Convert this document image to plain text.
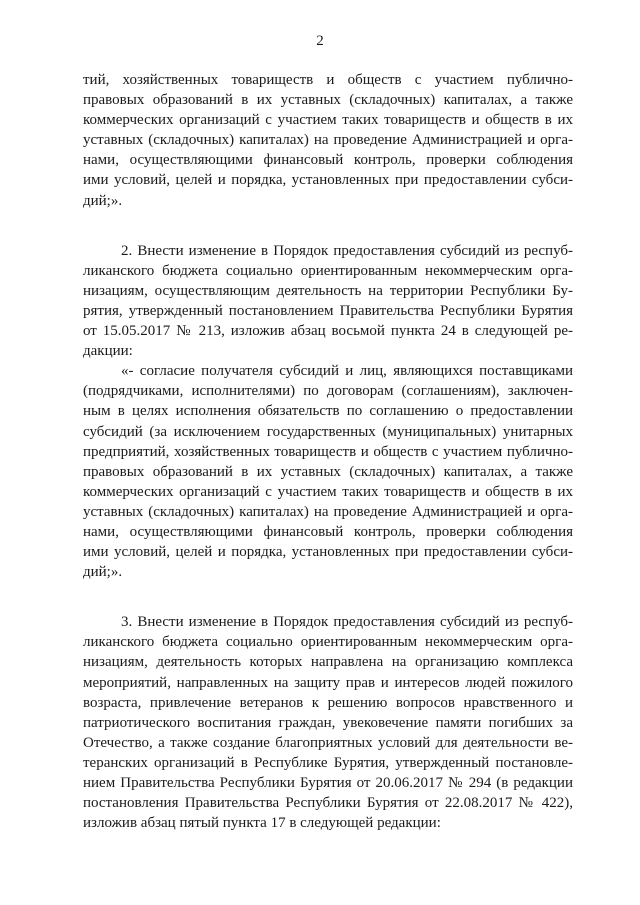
2
тий, хозяйственных товариществ и обществ с участием публично-
правовых образований в их уставных (складочных) капиталах, а также
коммерческих организаций с участием таких товариществ и обществ в их
уставных (складочных) капиталах) на проведение Администрацией и орга-
нами, осуществляющими финансовый контроль, проверки соблюдения
ими условий, целей и порядка, установленных при предоставлении субси-
дий;».
2. Внести изменение в Порядок предоставления субсидий из респуб-
ликанского бюджета социально ориентированным некоммерческим орга-
низациям, осуществляющим деятельность на территории Республики Бу-
рятия, утвержденный постановлением Правительства Республики Бурятия
от 15.05.2017 № 213, изложив абзац восьмой пункта 24 в следующей ре-
дакции:
«- согласие получателя субсидий и лиц, являющихся поставщиками
(подрядчиками, исполнителями) по договорам (соглашениям), заключен-
ным в целях исполнения обязательств по соглашению о предоставлении
субсидий (за исключением государственных (муниципальных) унитарных
предприятий, хозяйственных товариществ и обществ с участием публично-
правовых образований в их уставных (складочных) капиталах, а также
коммерческих организаций с участием таких товариществ и обществ в их
уставных (складочных) капиталах) на проведение Администрацией и орга-
нами, осуществляющими финансовый контроль, проверки соблюдения
ими условий, целей и порядка, установленных при предоставлении субси-
дий;».
3. Внести изменение в Порядок предоставления субсидий из респуб-
ликанского бюджета социально ориентированным некоммерческим орга-
низациям, деятельность которых направлена на организацию комплекса
мероприятий, направленных на защиту прав и интересов людей пожилого
возраста, привлечение ветеранов к решению вопросов нравственного и
патриотического воспитания граждан, увековечение памяти погибших за
Отечество, а также создание благоприятных условий для деятельности ве-
теранских организаций в Республике Бурятия, утвержденный постановле-
нием Правительства Республики Бурятия от 20.06.2017 № 294 (в редакции
постановления Правительства Республики Бурятия от 22.08.2017 № 422),
изложив абзац пятый пункта 17 в следующей редакции:
